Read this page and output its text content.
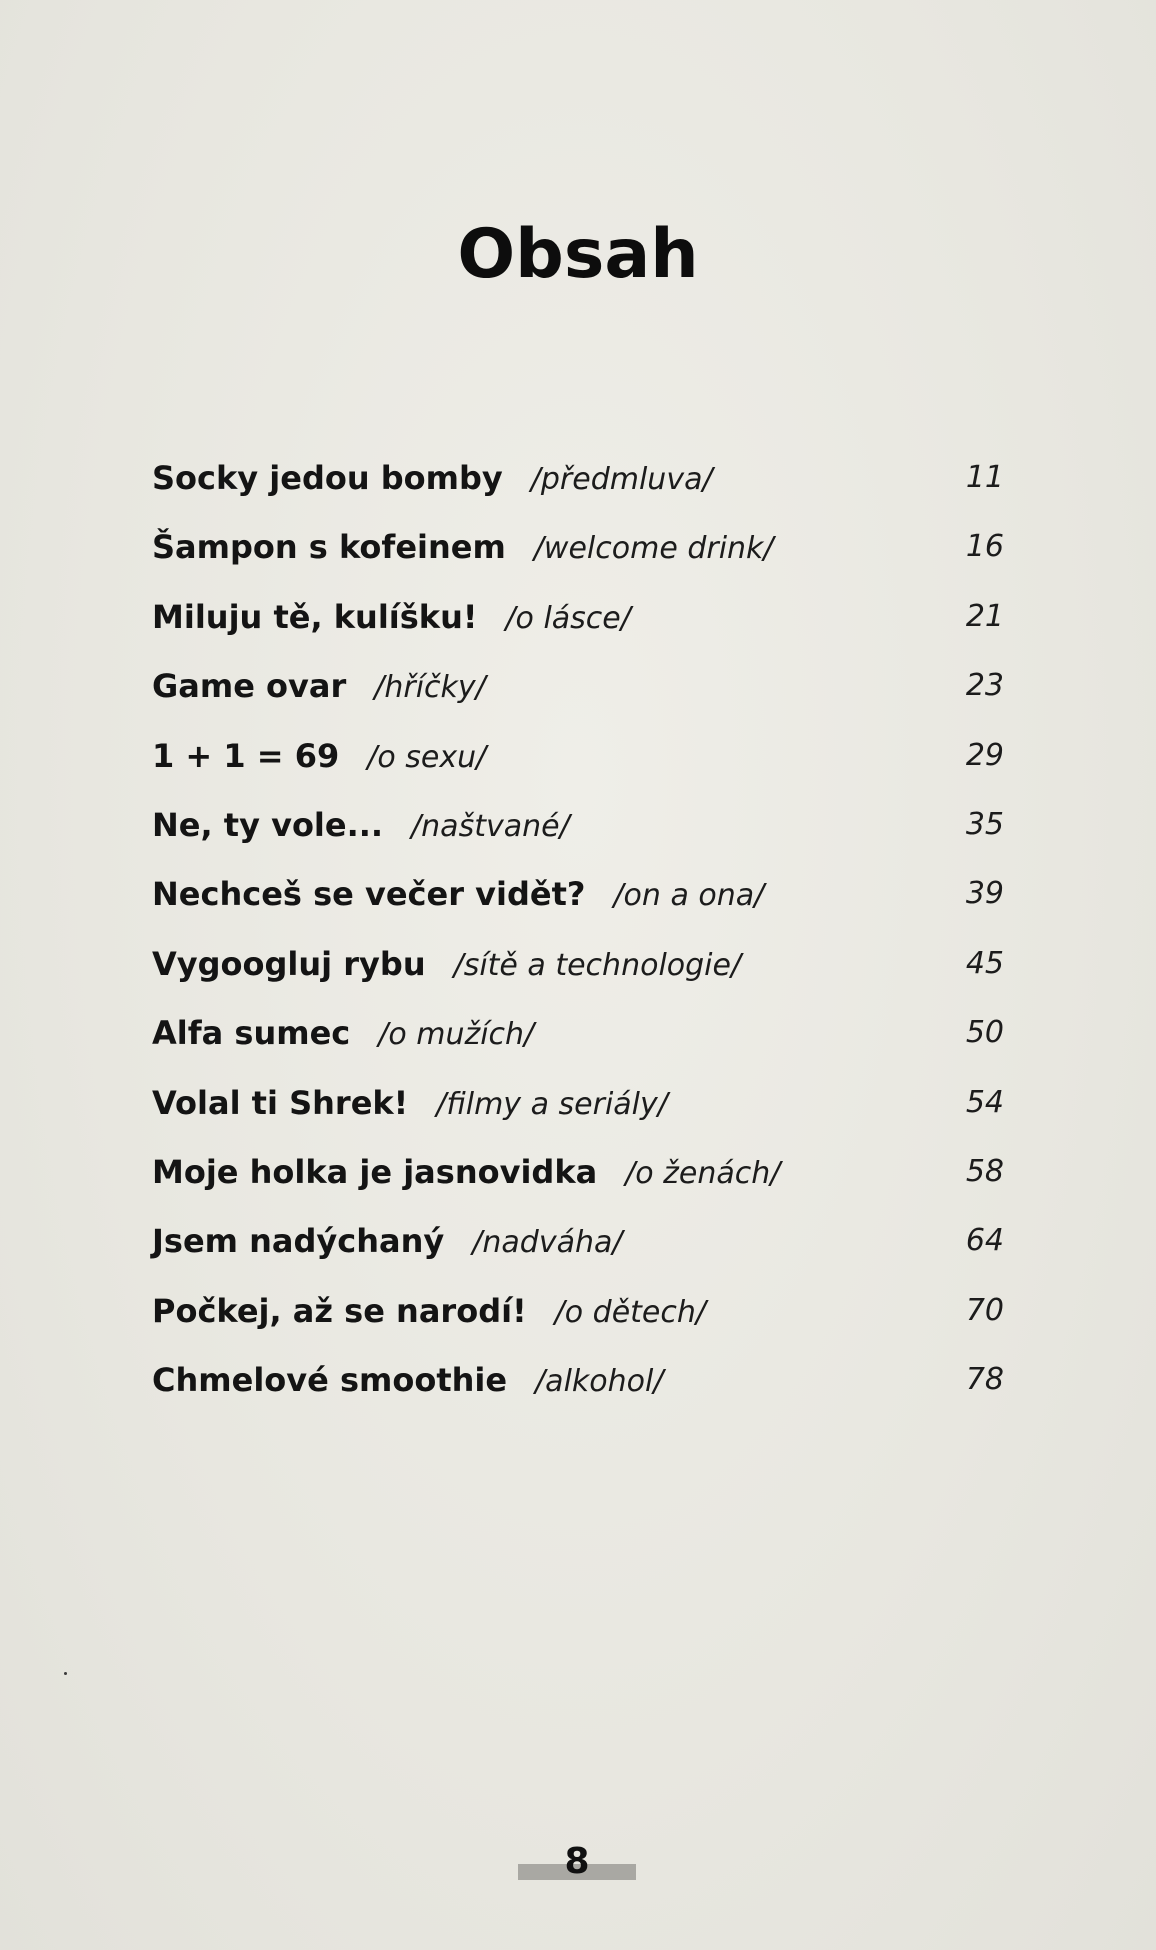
Obsah
Socky jedou bomby /předmluva/	11
Šampon s kofeinem /welcome drink/	16
Miluju tě, kulíšku! /o lásce/	21
Game ovar /hříčky/	23
1 + 1 = 69 /o sexu/	29
Ne, ty vole... /naštvané/	35
Nechceš se večer vidět? /on a ona/	39
Vygoogluj rybu /sítě a technologie/	45
Alfa sumec /o mužích/	50
Volal ti Shrek! /filmy a seriály/	54
Moje holka je jasnovidka /o ženách/	58
Jsem nadýchaný /nadváha/	64
Počkej, až se narodí! /o dětech/	70
Chmelové smoothie /alkohol/	78
8
